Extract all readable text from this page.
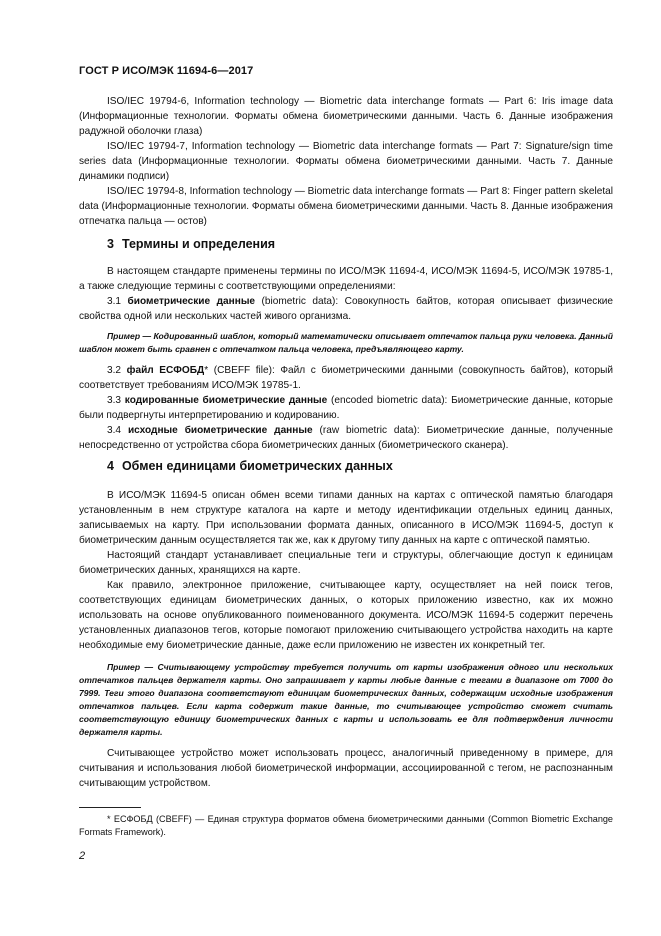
ГОСТ Р ИСО/МЭК 11694-6—2017

ISO/IEC 19794-6, Information technology — Biometric data interchange formats — Part 6: Iris image data (Информационные технологии. Форматы обмена биометрическими данными. Часть 6. Данные изображения радужной оболочки глаза)

ISO/IEC 19794-7, Information technology — Biometric data interchange formats — Part 7: Signature/sign time series data (Информационные технологии. Форматы обмена биометрическими данными. Часть 7. Данные динамики подписи)

ISO/IEC 19794-8, Information technology — Biometric data interchange formats — Part 8: Finger pattern skeletal data (Информационные технологии. Форматы обмена биометрическими данными. Часть 8. Данные изображения отпечатка пальца — остов)

3 Термины и определения

В настоящем стандарте применены термины по ИСО/МЭК 11694-4, ИСО/МЭК 11694-5, ИСО/МЭК 19785-1, а также следующие термины с соответствующими определениями:

3.1 биометрические данные (biometric data): Совокупность байтов, которая описывает физические свойства одной или нескольких частей живого организма.

Пример — Кодированный шаблон, который математически описывает отпечаток пальца руки человека. Данный шаблон может быть сравнен с отпечатком пальца человека, предъявляющего карту.

3.2 файл ЕСФОБД* (CBEFF file): Файл с биометрическими данными (совокупность байтов), который соответствует требованиям ИСО/МЭК 19785-1.

3.3 кодированные биометрические данные (encoded biometric data): Биометрические данные, которые были подвергнуты интерпретированию и кодированию.

3.4 исходные биометрические данные (raw biometric data): Биометрические данные, полученные непосредственно от устройства сбора биометрических данных (биометрического сканера).

4 Обмен единицами биометрических данных

В ИСО/МЭК 11694-5 описан обмен всеми типами данных на картах с оптической памятью благодаря установленным в нем структуре каталога на карте и методу идентификации отдельных единиц данных, записываемых на карту. При использовании формата данных, описанного в ИСО/МЭК 11694-5, доступ к биометрическим данным осуществляется так же, как к другому типу данных на карте с оптической памятью.

Настоящий стандарт устанавливает специальные теги и структуры, облегчающие доступ к единицам биометрических данных, хранящихся на карте.

Как правило, электронное приложение, считывающее карту, осуществляет на ней поиск тегов, соответствующих единицам биометрических данных, о которых приложению известно, как их можно использовать на основе опубликованного поименованного документа. ИСО/МЭК 11694-5 содержит перечень установленных диапазонов тегов, которые помогают приложению считывающего устройства находить на карте необходимые ему биометрические данные, даже если приложению не известен их конкретный тег.

Пример — Считывающему устройству требуется получить от карты изображения одного или нескольких отпечатков пальцев держателя карты. Оно запрашивает у карты любые данные с тегами в диапазоне от 7000 до 7999. Теги этого диапазона соответствуют единицам биометрических данных, содержащим исходные изображения отпечатков пальцев. Если карта содержит такие данные, то считывающее устройство сможет считать соответствующую единицу биометрических данных с карты и использовать ее для подтверждения личности держателя карты.

Считывающее устройство может использовать процесс, аналогичный приведенному в примере, для считывания и использования любой биометрической информации, ассоциированной с тегом, не распознанным считывающим устройством.

* ЕСФОБД (CBEFF) — Единая структура форматов обмена биометрическими данными (Common Biometric Exchange Formats Framework).

2
